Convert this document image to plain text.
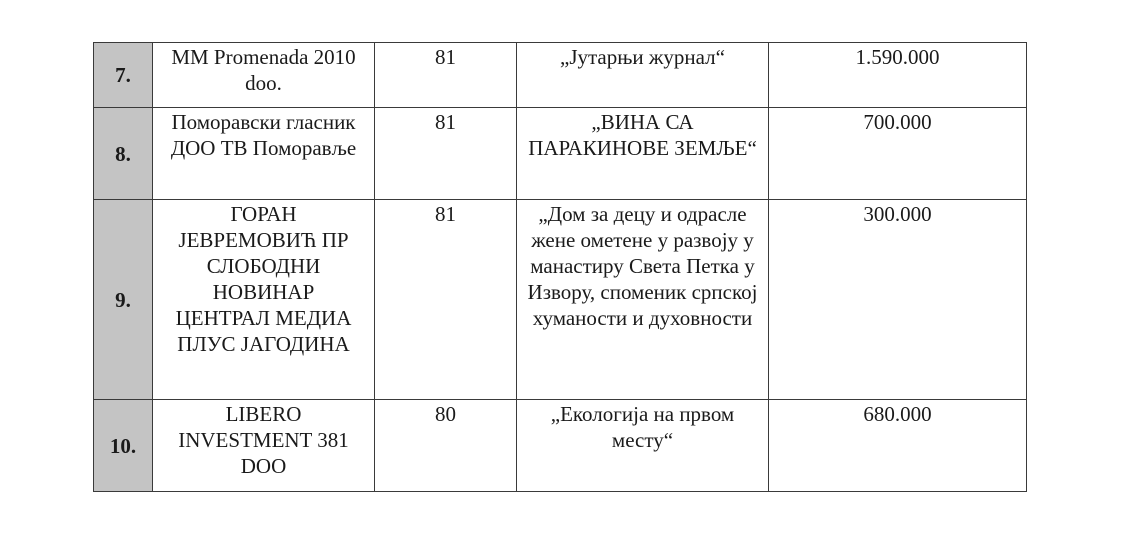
7.	MM Promenada 2010 doo.	81	„Јутарњи журнал“	1.590.000
8.	Поморавски гласник ДОО ТВ Поморавље	81	„ВИНА СА ПАРАКИНОВЕ ЗЕМЉЕ“	700.000
9.	ГОРАН ЈЕВРЕМОВИЋ ПР СЛОБОДНИ НОВИНАР ЦЕНТРАЛ МЕДИА ПЛУС ЈАГОДИНА	81	„Дом за децу и одрасле жене ометене у развоју у манастиру Света Петка у Извору, споменик српској хуманости и духовности	300.000
10.	LIBERO INVESTMENT 381 DOO	80	„Екологија на првом месту“	680.000
